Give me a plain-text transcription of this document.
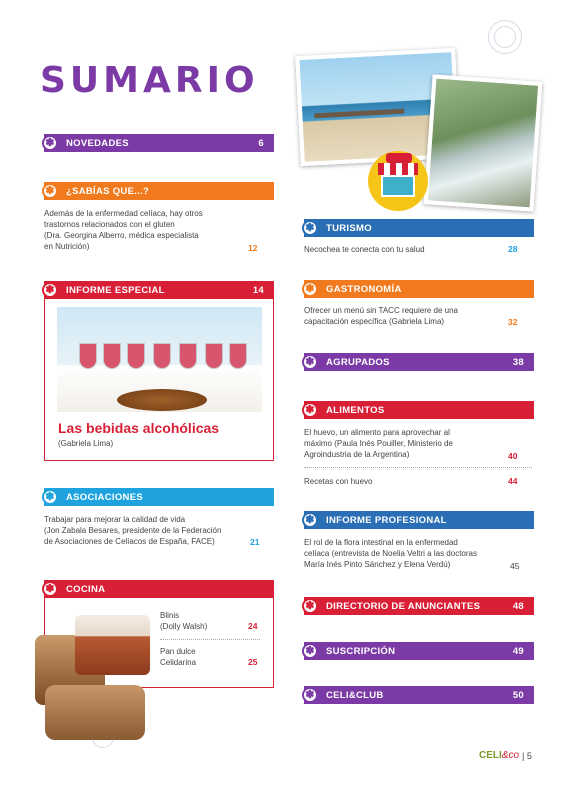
SUMARIO
✽ NOVEDADES	6
✽ ¿SABÍAS QUE...?
Además de la enfermedad celíaca, hay otros
trastornos relacionados con el gluten
(Dra. Georgina Alberro, médica especialista
en Nutrición)	12
✽ INFORME ESPECIAL	14
Las bebidas alcohólicas
(Gabriela Lima)
✽ ASOCIACIONES
Trabajar para mejorar la calidad de vida
(Jon Zabala Besares, presidente de la Federación
de Asociaciones de Celíacos de España, FACE)	21
✽ COCINA
Blinis
(Dolly Walsh)	24
Pan dulce
Celidarina	25
✽ TURISMO
Necochea te conecta con tu salud	28
✽ GASTRONOMÍA
Ofrecer un menú sin TACC requiere de una
capacitación específica (Gabriela Lima)	32
✽ AGRUPADOS	38
✽ ALIMENTOS
El huevo, un alimento para aprovechar al
máximo (Paula Inés Pouiller, Ministerio de
Agroindustria de la Argentina)	40
Recetas con huevo	44
✽ INFORME PROFESIONAL
El rol de la flora intestinal en la enfermedad
celíaca (entrevista de Noelia Veltri a las doctoras
María Inés Pinto Sánchez y Elena Verdú)	45
✽ DIRECTORIO DE ANUNCIANTES	48
✽ SUSCRIPCIÓN	49
✽ CELI&CLUB	50
CELI&co | 5
